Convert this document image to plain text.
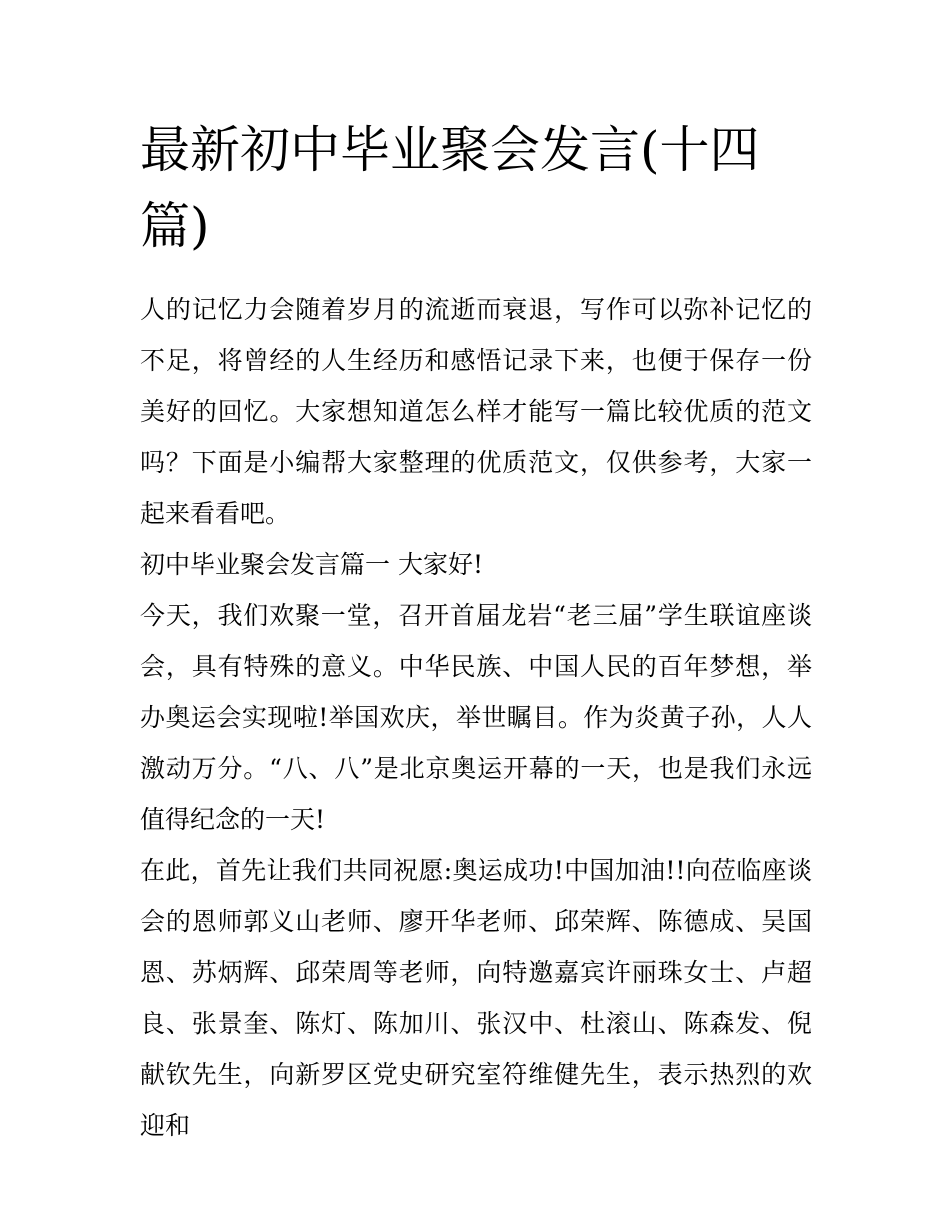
最新初中毕业聚会发言(十四篇)

人的记忆力会随着岁月的流逝而衰退，写作可以弥补记忆的不足，将曾经的人生经历和感悟记录下来，也便于保存一份美好的回忆。大家想知道怎么样才能写一篇比较优质的范文吗？下面是小编帮大家整理的优质范文，仅供参考，大家一起来看看吧。

初中毕业聚会发言篇一 大家好!

今天，我们欢聚一堂，召开首届龙岩“老三届”学生联谊座谈会，具有特殊的意义。中华民族、中国人民的百年梦想，举办奥运会实现啦!举国欢庆，举世瞩目。作为炎黄子孙，人人激动万分。“八、八”是北京奥运开幕的一天，也是我们永远值得纪念的一天!

在此，首先让我们共同祝愿:奥运成功!中国加油!!向莅临座谈会的恩师郭义山老师、廖开华老师、邱荣辉、陈德成、吴国恩、苏炳辉、邱荣周等老师，向特邀嘉宾许丽珠女士、卢超良、张景奎、陈灯、陈加川、张汉中、杜滚山、陈森发、倪献钦先生，向新罗区党史研究室符维健先生，表示热烈的欢迎和
